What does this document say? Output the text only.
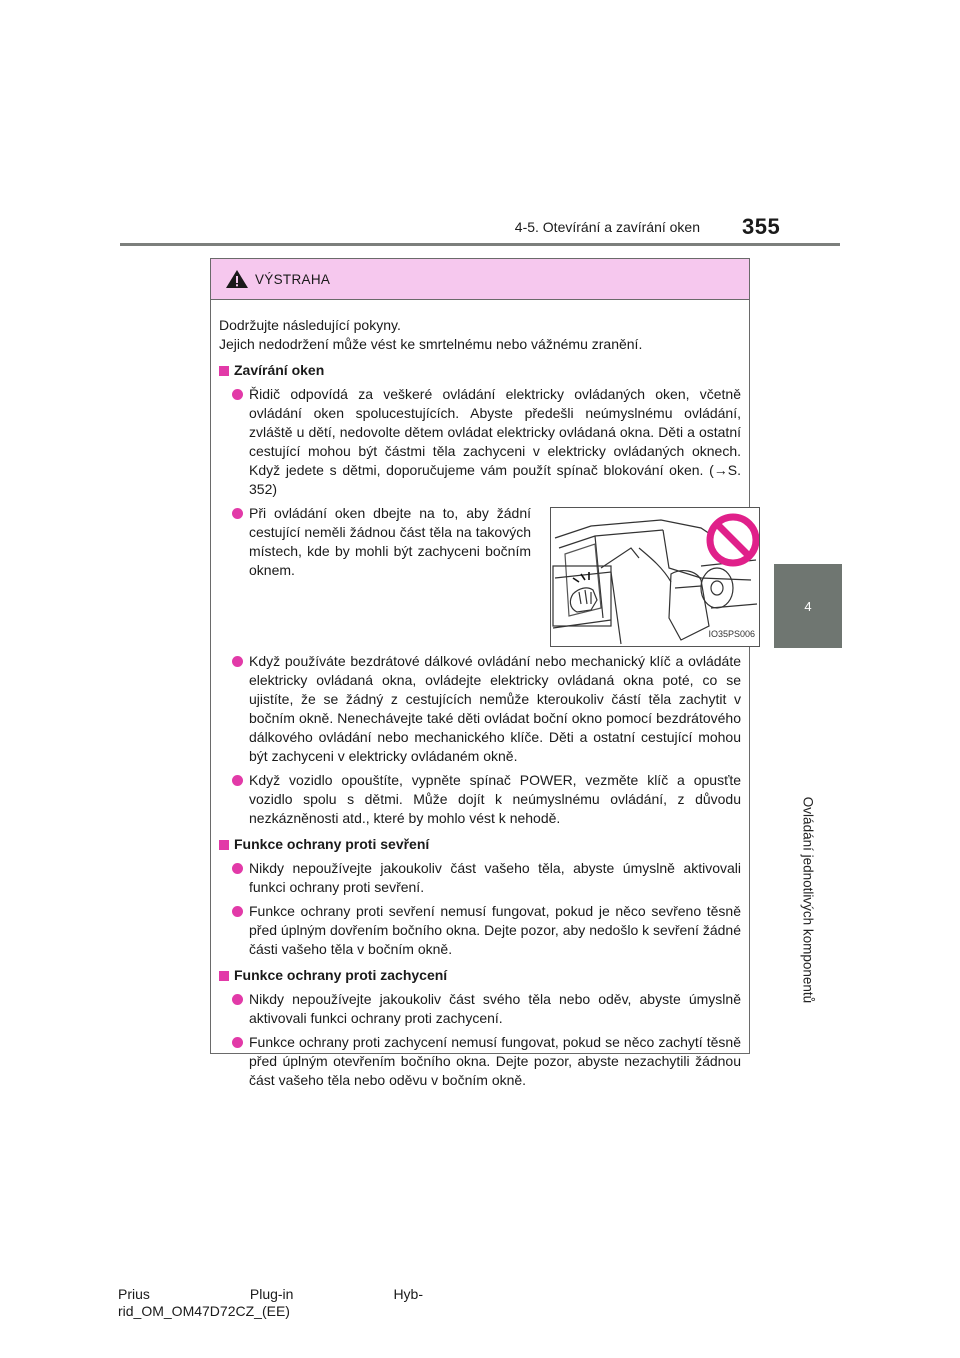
4-5. Otevírání a zavírání oken 355
4
Ovládání jednotlivých komponentů
VÝSTRAHA

Dodržujte následující pokyny.
Jejich nedodržení může vést ke smrtelnému nebo vážnému zranění.

Zavírání oken
Řidič odpovídá za veškeré ovládání elektricky ovládaných oken, včetně ovládání oken spolucestujících. Abyste předešli neúmyslnému ovládání, zvláště u dětí, nedovolte dětem ovládat elektricky ovládaná okna. Děti a ostatní cestující mohou být částmi těla zachyceni v elektricky ovládaných oknech. Když jedete s dětmi, doporučujeme vám použít spínač blokování oken. (→S. 352)
Při ovládání oken dbejte na to, aby žádní cestující neměli žádnou část těla na takových místech, kde by mohli být zachyceni bočním oknem.
IO35PS006
Když používáte bezdrátové dálkové ovládání nebo mechanický klíč a ovládáte elektricky ovládaná okna, ovládejte elektricky ovládaná okna poté, co se ujistíte, že se žádný z cestujících nemůže kteroukoliv částí těla zachytit v bočním okně. Nenechávejte také děti ovládat boční okno pomocí bezdrátového dálkového ovládání nebo mechanického klíče. Děti a ostatní cestující mohou být zachyceni v elektricky ovládaném okně.
Když vozidlo opouštíte, vypněte spínač POWER, vezměte klíč a opusťte vozidlo spolu s dětmi. Může dojít k neúmyslnému ovládání, z důvodu nezkázněnosti atd., které by mohlo vést k nehodě.
Funkce ochrany proti sevření
Nikdy nepoužívejte jakoukoliv část vašeho těla, abyste úmyslně aktivovali funkci ochrany proti sevření.
Funkce ochrany proti sevření nemusí fungovat, pokud je něco sevřeno těsně před úplným dovřením bočního okna. Dejte pozor, aby nedošlo k sevření žádné části vašeho těla v bočním okně.
Funkce ochrany proti zachycení
Nikdy nepoužívejte jakoukoliv část svého těla nebo oděv, abyste úmyslně aktivovali funkci ochrany proti zachycení.
Funkce ochrany proti zachycení nemusí fungovat, pokud se něco zachytí těsně před úplným otevřením bočního okna. Dejte pozor, abyste nezachytili žádnou část vašeho těla nebo oděvu v bočním okně.
Prius	Plug-in	Hyb-
rid_OM_OM47D72CZ_(EE)
